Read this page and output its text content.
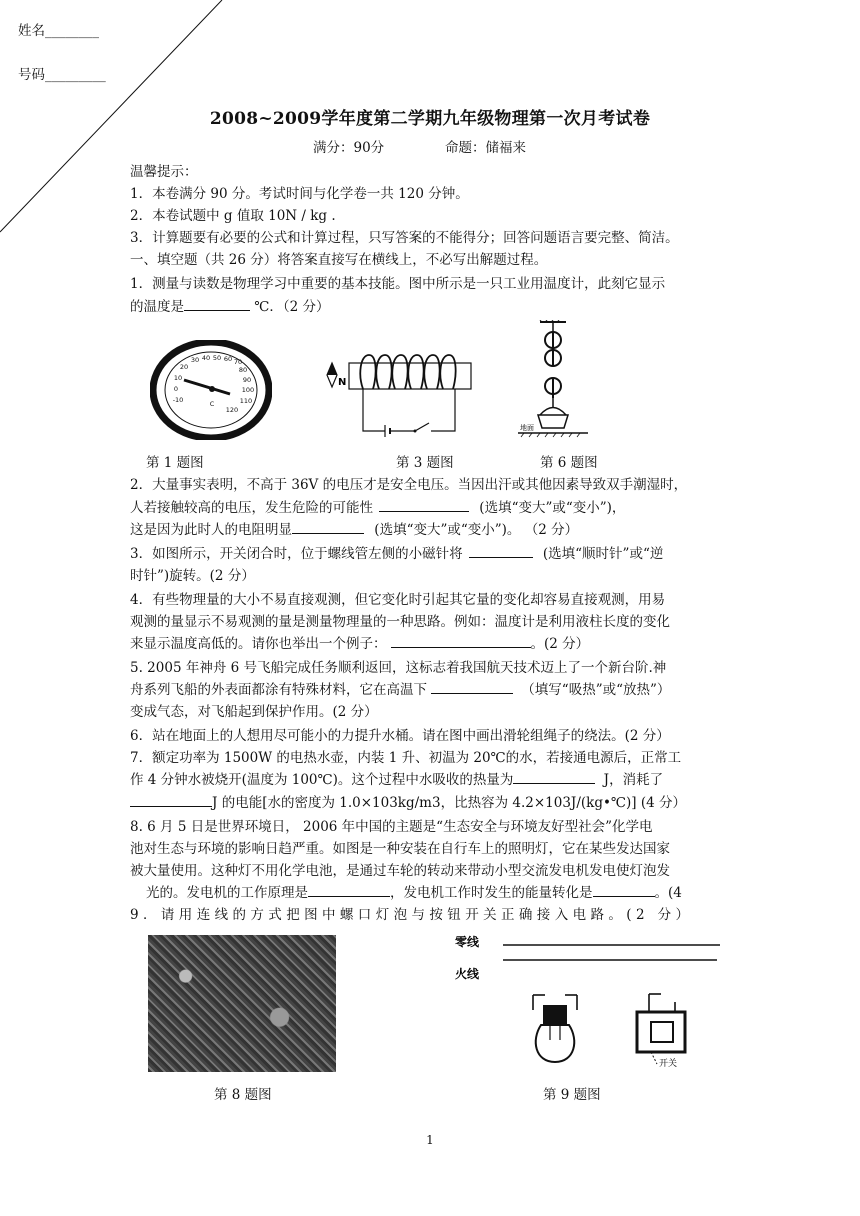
姓名________
号码_________
2008~2009学年度第二学期九年级物理第一次月考试卷
满分：90分	命题：储福来
温馨提示：
1．本卷满分 90 分。考试时间与化学卷一共 120 分钟。
2．本卷试题中 g 值取 10N / kg .
3．计算题要有必要的公式和计算过程，只写答案的不能得分；回答问题语言要完整、简洁。
一、填空题（共 26 分）将答案直接写在横线上，不必写出解题过程。
1．测量与读数是物理学习中重要的基本技能。图中所示是一只工业用温度计，此刻它显示
的温度是	℃．（2 分）
30 40 50 60 70
20	80
10	90
0	100
-10	110
120
C
N
地面
第 1 题图	第 3 题图	第 6 题图
2．大量事实表明，不高于 36V 的电压才是安全电压。当因出汗或其他因素导致双手潮湿时，
人若接触较高的电压，发生危险的可能性	(选填“变大”或“变小”)，
这是因为此时人的电阻明显	(选填“变大”或“变小”)。 （2 分）
3．如图所示，开关闭合时，位于螺线管左侧的小磁针将	(选填“顺时针”或“逆
时针”)旋转。(2 分）
4．有些物理量的大小不易直接观测，但它变化时引起其它量的变化却容易直接观测，用易
观测的量显示不易观测的量是测量物理量的一种思路。例如：温度计是利用液柱长度的变化
来显示温度高低的。请你也举出一个例子：	。(2 分）
5. 2005 年神舟 6 号飞船完成任务顺利返回，这标志着我国航天技术迈上了一个新台阶.神
舟系列飞船的外表面都涂有特殊材料，它在高温下	（填写“吸热”或“放热”）
变成气态，对飞船起到保护作用。(2 分）
6．站在地面上的人想用尽可能小的力提升水桶。请在图中画出滑轮组绳子的绕法。(2 分）
7．额定功率为 1500W 的电热水壶，内装 1 升、初温为 20℃的水，若接通电源后，正常工
作 4 分钟水被烧开(温度为 100℃)。这个过程中水吸收的热量为	J，消耗了
J 的电能[水的密度为 1.0×103kg/m3，比热容为 4.2×103J/(kg•℃)] (4 分）
8. 6 月 5 日是世界环境日， 2006 年中国的主题是“生态安全与环境友好型社会”化学电
池对生态与环境的影响日趋严重。如图是一种安装在自行车上的照明灯，它在某些发达国家
被大量使用。这种灯不用化学电池，是通过车轮的转动来带动小型交流发电机发电使灯泡发
光的。发电机的工作原理是	，发电机工作时发生的能量转化是	。(4
9．请用连线的方式把图中螺口灯泡与按钮开关正确接入电路。(2 分）
零线
火线
开关
第 8 题图	第 9 题图
1
